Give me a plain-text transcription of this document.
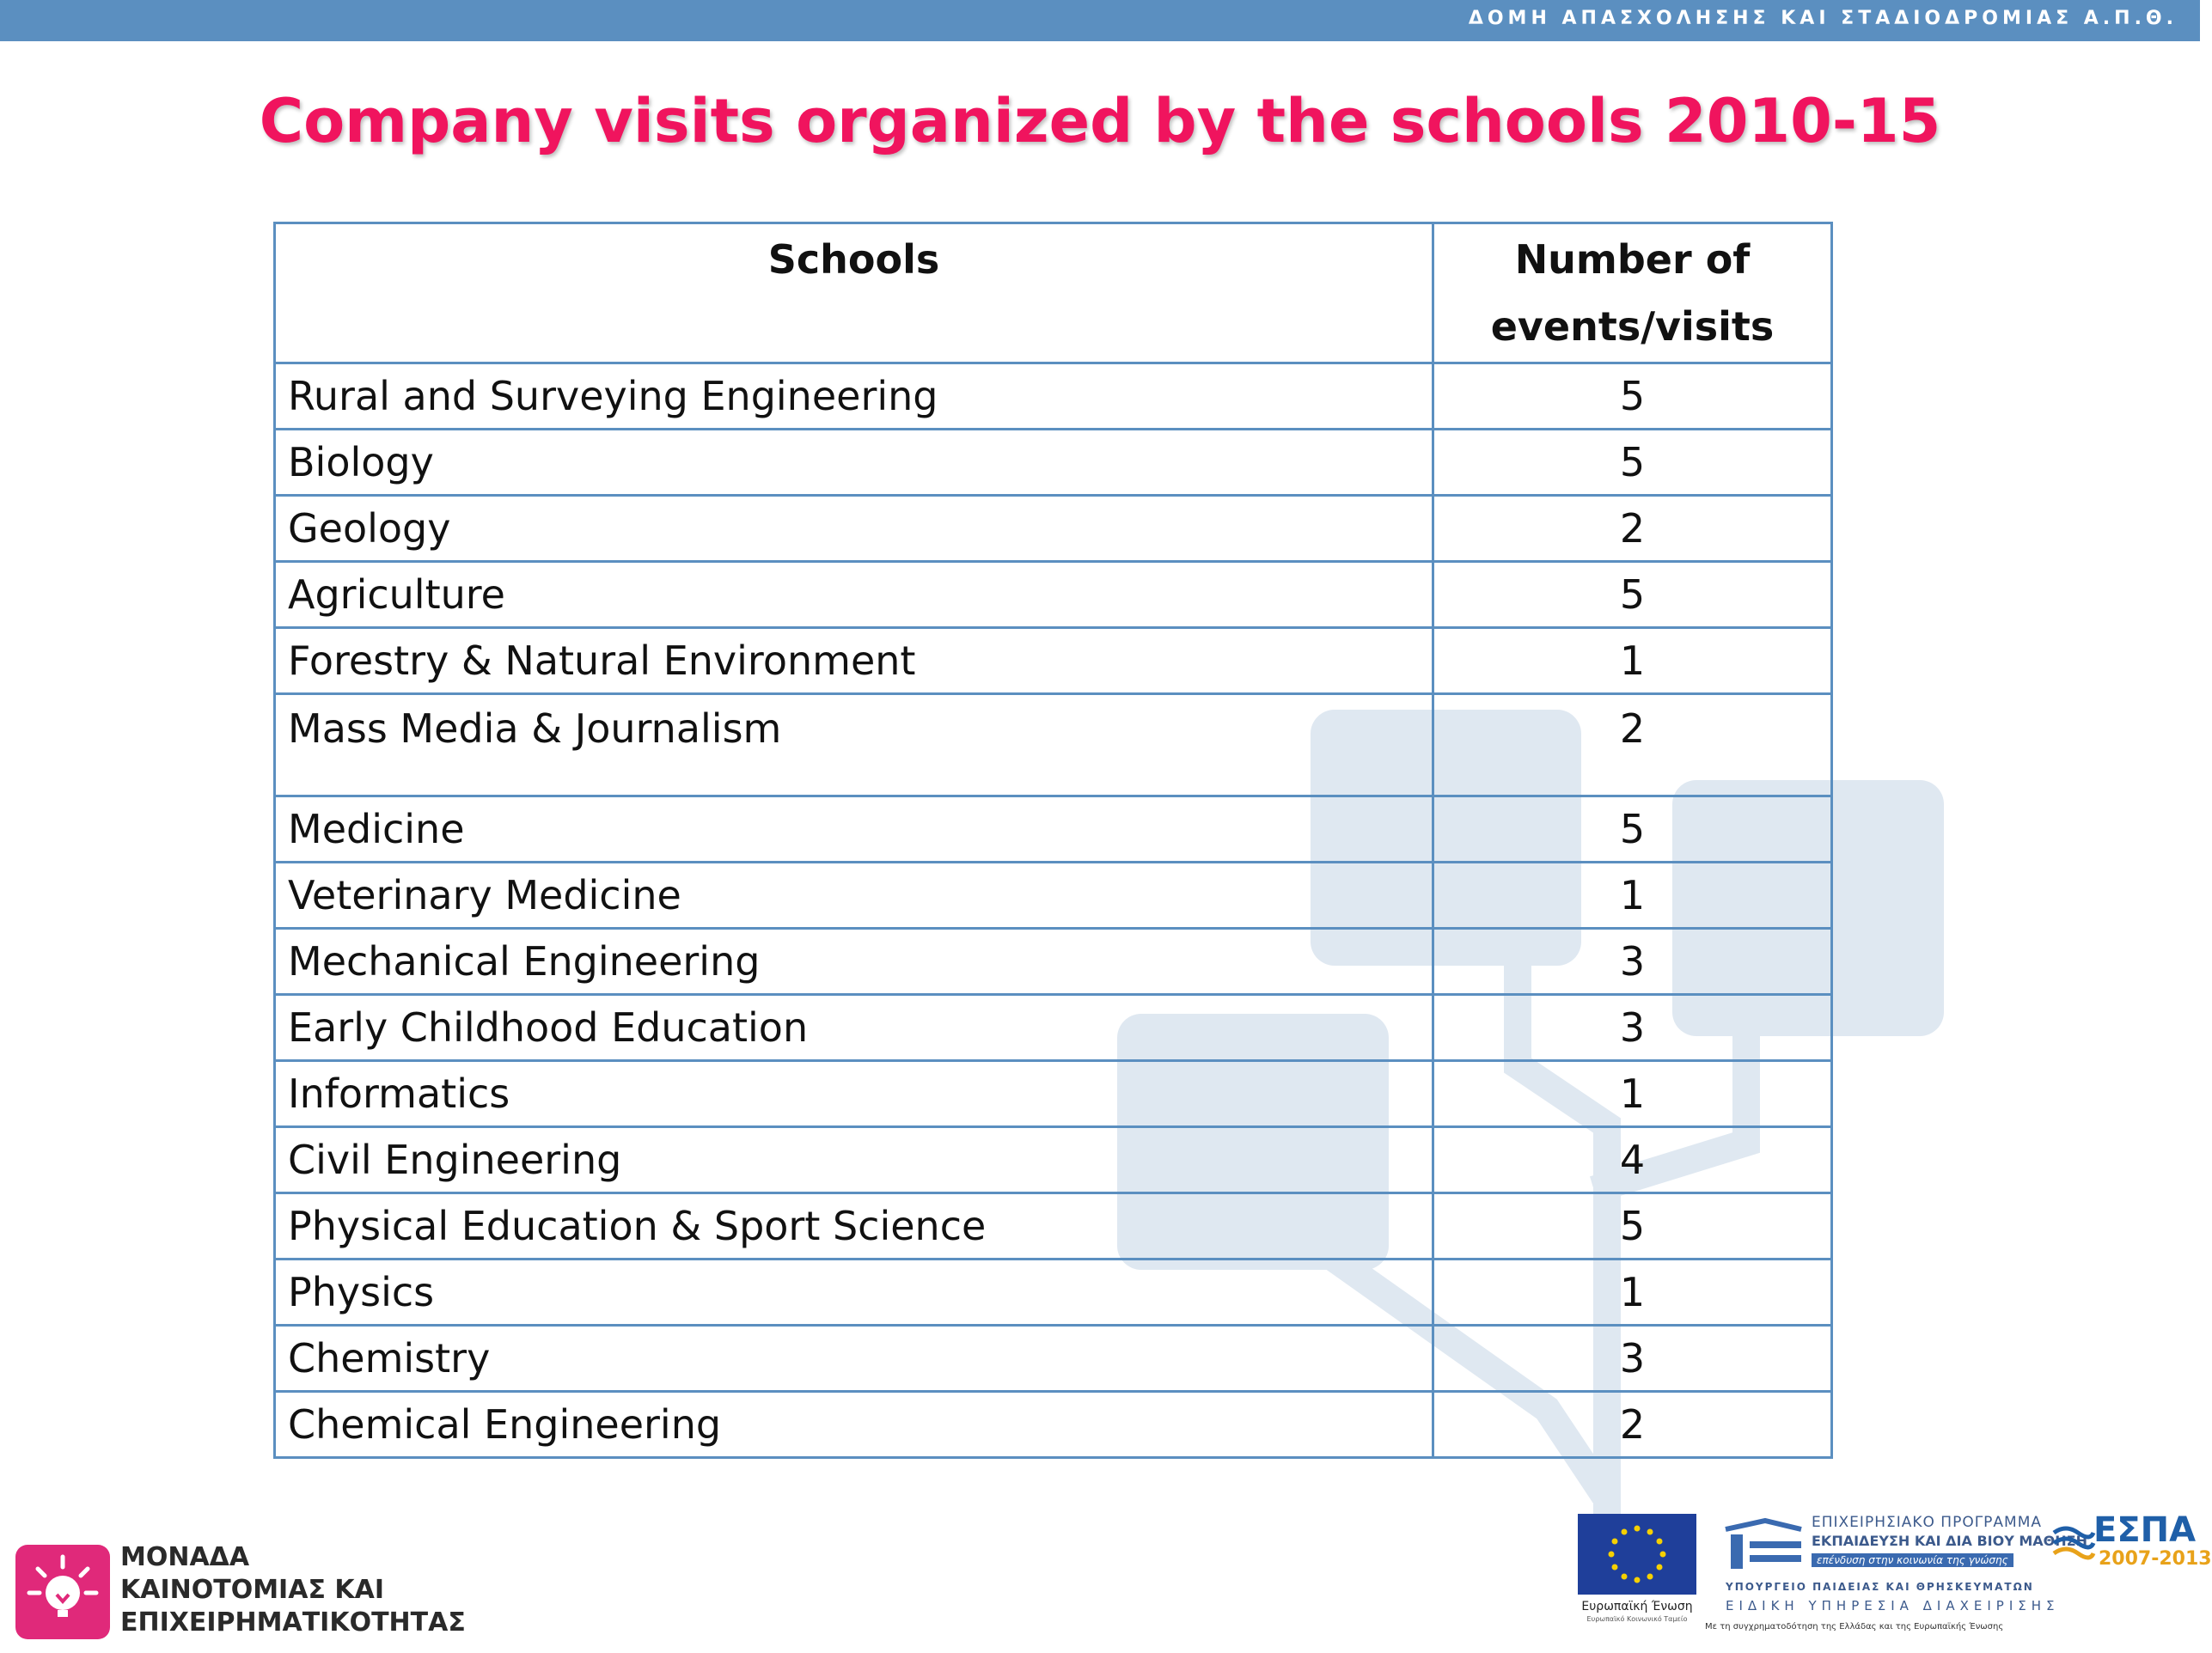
ΔΟΜΗ ΑΠΑΣΧΟΛΗΣΗΣ ΚΑΙ ΣΤΑΔΙΟΔΡΟΜΙΑΣ Α.Π.Θ.
Company visits organized by the schools 2010-15
Schools	Number of
events/visits

Rural and Surveying Engineering	5
Biology	5
Geology	2
Agriculture	5
Forestry & Natural Environment	1
Mass Media & Journalism	2
Medicine	5
Veterinary Medicine	1
Mechanical Engineering	3
Early Childhood Education	3
Informatics	1
Civil Engineering	4
Physical Education & Sport Science	5
Physics	1
Chemistry	3
Chemical Engineering	2
ΜΟΝΑΔΑ
ΚΑΙΝΟΤΟΜΙΑΣ ΚΑΙ
ΕΠΙΧΕΙΡΗΜΑΤΙΚΟΤΗΤΑΣ
Ευρωπαϊκή Ένωση
Ευρωπαϊκό Κοινωνικό Ταμείο
ΕΠΙΧΕΙΡΗΣΙΑΚΟ ΠΡΟΓΡΑΜΜΑ
ΕΚΠΑΙΔΕΥΣΗ ΚΑΙ ΔΙΑ ΒΙΟΥ ΜΑΘΗΣΗ
επένδυση στην κοινωνία της γνώσης
ΥΠΟΥΡΓΕΙΟ ΠΑΙΔΕΙΑΣ ΚΑΙ ΘΡΗΣΚΕΥΜΑΤΩΝ
ΕΙΔΙΚΗ ΥΠΗΡΕΣΙΑ ΔΙΑΧΕΙΡΙΣΗΣ
Με τη συγχρηματοδότηση της Ελλάδας και της Ευρωπαϊκής Ένωσης
ΕΣΠΑ
2007-2013
